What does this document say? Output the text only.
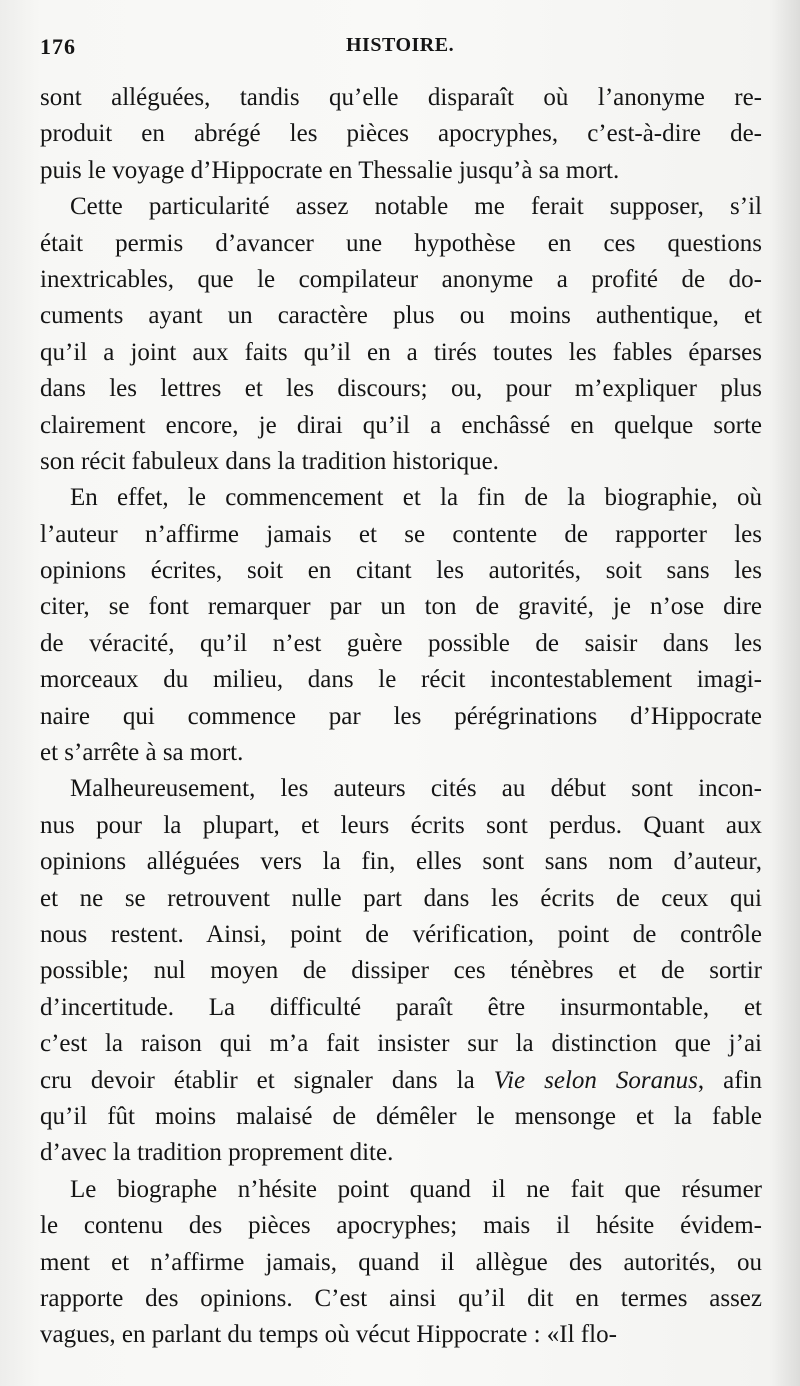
176	HISTOIRE.
sont alléguées, tandis qu’elle disparaît où l’anonyme re-
produit en abrégé les pièces apocryphes, c’est-à-dire de-
puis le voyage d’Hippocrate en Thessalie jusqu’à sa mort.
Cette particularité assez notable me ferait supposer, s’il
était permis d’avancer une hypothèse en ces questions
inextricables, que le compilateur anonyme a profité de do-
cuments ayant un caractère plus ou moins authentique, et
qu’il a joint aux faits qu’il en a tirés toutes les fables éparses
dans les lettres et les discours; ou, pour m’expliquer plus
clairement encore, je dirai qu’il a enchâssé en quelque sorte
son récit fabuleux dans la tradition historique.
En effet, le commencement et la fin de la biographie, où
l’auteur n’affirme jamais et se contente de rapporter les
opinions écrites, soit en citant les autorités, soit sans les
citer, se font remarquer par un ton de gravité, je n’ose dire
de véracité, qu’il n’est guère possible de saisir dans les
morceaux du milieu, dans le récit incontestablement imagi-
naire qui commence par les pérégrinations d’Hippocrate
et s’arrête à sa mort.
Malheureusement, les auteurs cités au début sont incon-
nus pour la plupart, et leurs écrits sont perdus. Quant aux
opinions alléguées vers la fin, elles sont sans nom d’auteur,
et ne se retrouvent nulle part dans les écrits de ceux qui
nous restent. Ainsi, point de vérification, point de contrôle
possible; nul moyen de dissiper ces ténèbres et de sortir
d’incertitude. La difficulté paraît être insurmontable, et
c’est la raison qui m’a fait insister sur la distinction que j’ai
cru devoir établir et signaler dans la Vie selon Soranus, afin
qu’il fût moins malaisé de démêler le mensonge et la fable
d’avec la tradition proprement dite.
Le biographe n’hésite point quand il ne fait que résumer
le contenu des pièces apocryphes; mais il hésite évidem-
ment et n’affirme jamais, quand il allègue des autorités, ou
rapporte des opinions. C’est ainsi qu’il dit en termes assez
vagues, en parlant du temps où vécut Hippocrate : «Il flo-
